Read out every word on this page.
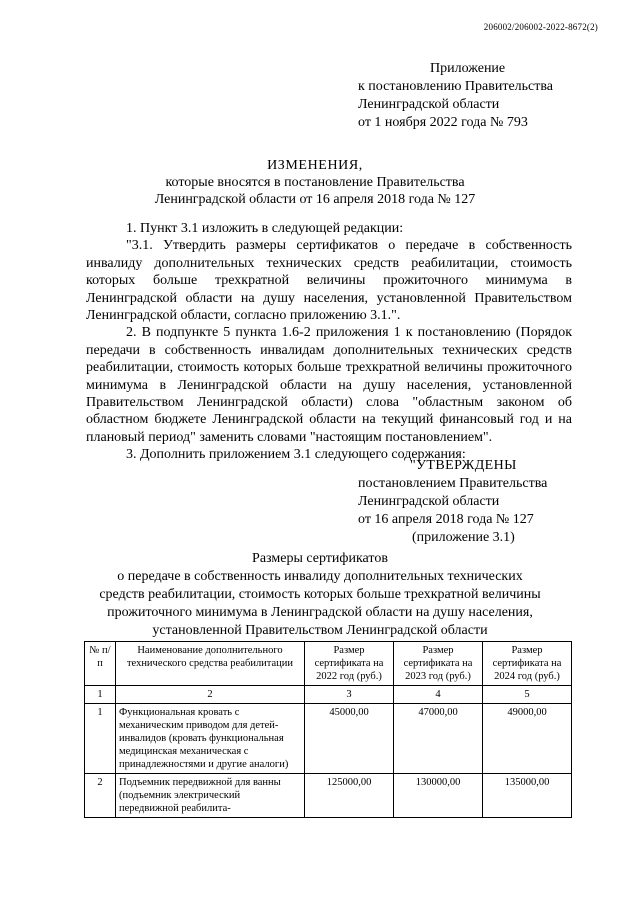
206002/206002-2022-8672(2)
Приложение
к постановлению Правительства
Ленинградской области
от 1 ноября 2022 года № 793
ИЗМЕНЕНИЯ,
которые вносятся в постановление Правительства
Ленинградской области от 16 апреля 2018 года № 127
1. Пункт 3.1 изложить в следующей редакции:
"3.1. Утвердить размеры сертификатов о передаче в собственность инвалиду дополнительных технических средств реабилитации, стоимость которых больше трехкратной величины прожиточного минимума в Ленинградской области на душу населения, установленной Правительством Ленинградской области, согласно приложению 3.1.".
2. В подпункте 5 пункта 1.6-2 приложения 1 к постановлению (Порядок передачи в собственность инвалидам дополнительных технических средств реабилитации, стоимость которых больше трехкратной величины прожиточного минимума в Ленинградской области на душу населения, установленной Правительством Ленинградской области) слова "областным законом об областном бюджете Ленинградской области на текущий финансовый год и на плановый период" заменить словами "настоящим постановлением".
3. Дополнить приложением 3.1 следующего содержания:
"УТВЕРЖДЕНЫ
постановлением Правительства
Ленинградской области
от 16 апреля 2018 года № 127
(приложение 3.1)
Размеры сертификатов
о передаче в собственность инвалиду дополнительных технических
средств реабилитации, стоимость которых больше трехкратной величины
прожиточного минимума в Ленинградской области на душу населения,
установленной Правительством Ленинградской области
№ п/п	Наименование дополнительного технического средства реабилитации	Размер сертификата на 2022 год (руб.)	Размер сертификата на 2023 год (руб.)	Размер сертификата на 2024 год (руб.)
1	2	3	4	5
1	Функциональная кровать с механическим приводом для детей-инвалидов (кровать функциональная медицинская механическая с принадлежностями и другие аналоги)	45000,00	47000,00	49000,00
2	Подъемник передвижной для ванны (подъемник электрический передвижной реабилита-	125000,00	130000,00	135000,00
